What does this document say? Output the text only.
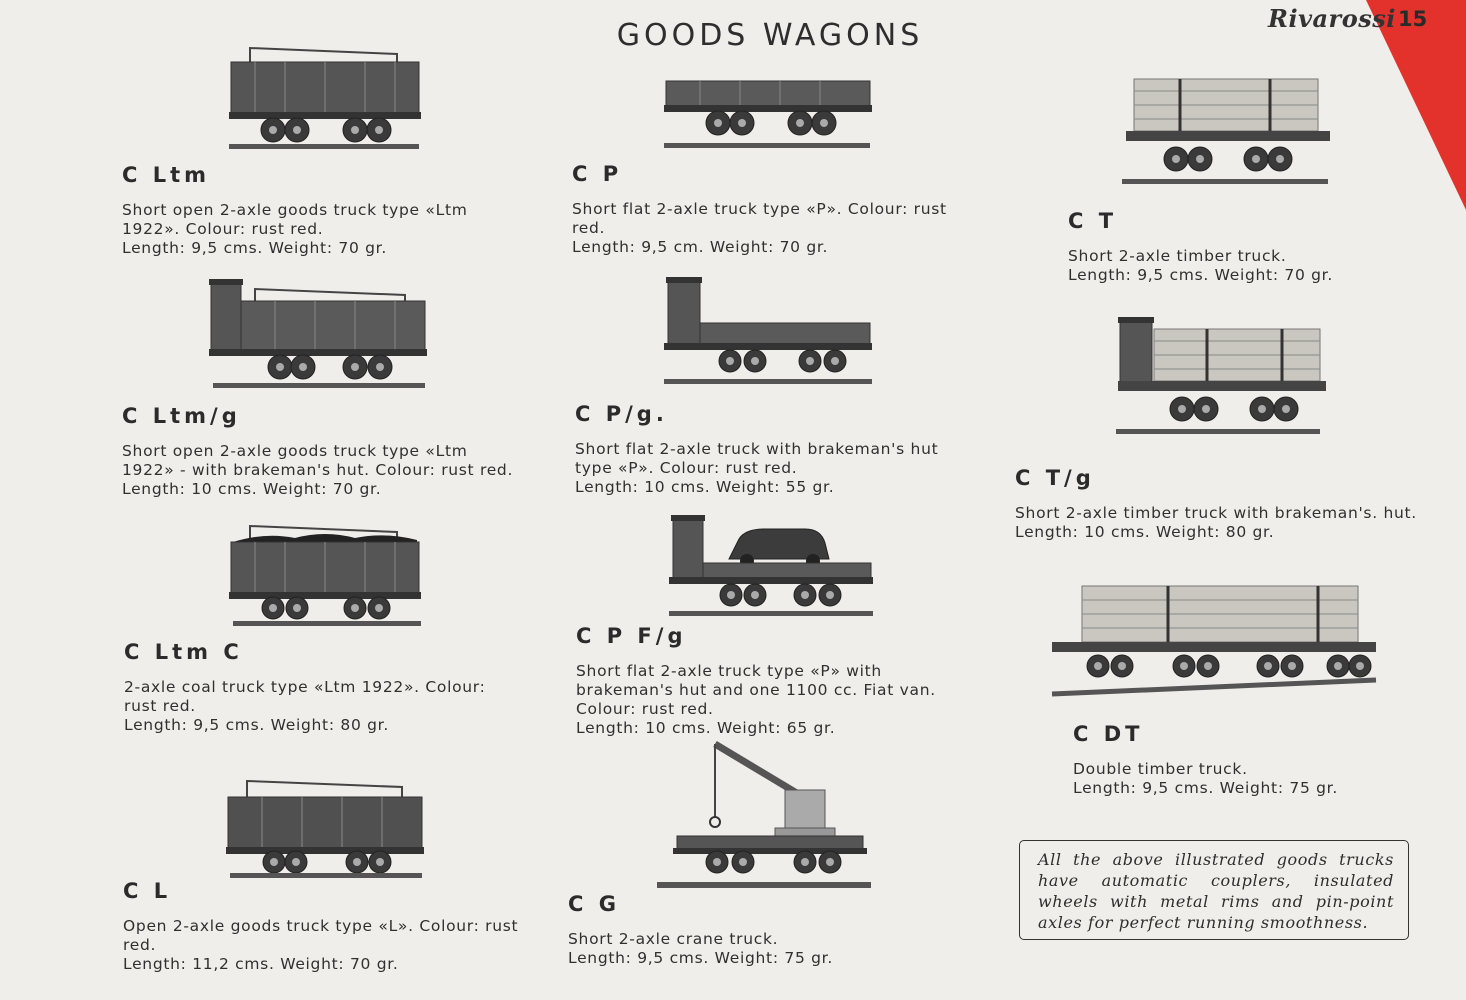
Rivarossi 15
GOODS WAGONS
C Ltm

Short open 2-axle goods truck type «Ltm 1922». Colour: rust red.

Length: 9,5 cms. Weight: 70 gr.

C Ltm/g

Short open 2-axle goods truck type «Ltm 1922» - with brakeman's hut. Colour: rust red.

Length: 10 cms. Weight: 70 gr.

C Ltm C

2-axle coal truck type «Ltm 1922». Colour: rust red.

Length: 9,5 cms. Weight: 80 gr.

C L

Open 2-axle goods truck type «L». Colour: rust red.

Length: 11,2 cms. Weight: 70 gr.

C P

Short flat 2-axle truck type «P». Colour: rust red.

Length: 9,5 cm. Weight: 70 gr.

C P/g.

Short flat 2-axle truck with brakeman's hut type «P». Colour: rust red.

Length: 10 cms. Weight: 55 gr.

C P F/g

Short flat 2-axle truck type «P» with brakeman's hut and one 1100 cc. Fiat van. Colour: rust red.

Length: 10 cms. Weight: 65 gr.

C G

Short 2-axle crane truck.

Length: 9,5 cms. Weight: 75 gr.

C T

Short 2-axle timber truck.

Length: 9,5 cms. Weight: 70 gr.

C T/g

Short 2-axle timber truck with brakeman's. hut.

Length: 10 cms. Weight: 80 gr.

C DT

Double timber truck.

Length: 9,5 cms. Weight: 75 gr.

All the above illustrated goods trucks have automatic couplers, insulated wheels with metal rims and pin-point axles for perfect running smoothness.
